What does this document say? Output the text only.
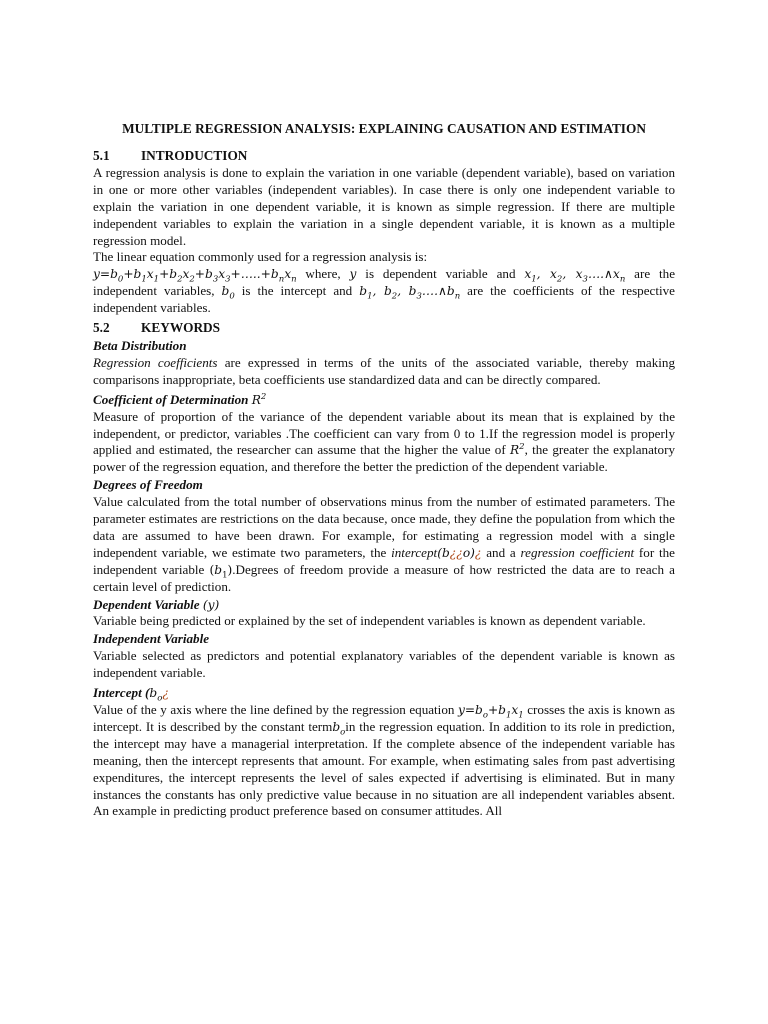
MULTIPLE REGRESSION ANALYSIS: EXPLAINING CAUSATION AND ESTIMATION
5.1 INTRODUCTION

A regression analysis is done to explain the variation in one variable (dependent variable), based on variation in one or more other variables (independent variables). In case there is only one independent variable to explain the variation in one dependent variable, it is known as simple regression. If there are multiple independent variables to explain the variation in a single dependent variable, it is known as a multiple regression model.

The linear equation commonly used for a regression analysis is:

$y=b_0+b_1x_1+b_2x_2+b_3x_3+\dots..+b_nx_n$ where, y is dependent variable and $x_1$, $x_2$, $x_3\dots.\wedge x_n$ are the independent variables, $b_0$ is the intercept and $b_1$, $b_2$, $b_3\dots.\wedge b_n$ are the coefficients of the respective independent variables.

5.2 KEYWORDS
Beta Distribution

Regression coefficients are expressed in terms of the units of the associated variable, thereby making comparisons inappropriate, beta coefficients use standardized data and can be directly compared.

Coefficient of Determination $R^2$

Measure of proportion of the variance of the dependent variable about its mean that is explained by the independent, or predictor, variables .The coefficient can vary from 0 to 1.If the regression model is properly applied and estimated, the researcher can assume that the higher the value of $R^2$, the greater the explanatory power of the regression equation, and therefore the better the prediction of the dependent variable.

Degrees of Freedom

Value calculated from the total number of observations minus from the number of estimated parameters. The parameter estimates are restrictions on the data because, once made, they define the population from which the data are assumed to have been drawn. For example, for estimating a regression model with a single independent variable, we estimate two parameters, the intercept(b¿¿o)¿ and a regression coefficient for the independent variable $(b_1).Degrees$ of freedom provide a measure of how restricted the data are to reach a certain level of prediction.

Dependent Variable (y)

Variable being predicted or explained by the set of independent variables is known as dependent variable.

Independent Variable

Variable selected as predictors and potential explanatory variables of the dependent variable is known as independent variable.

Intercept ($b_o¿$

Value of the y axis where the line defined by the regression equation $y=b_o+b_1x_1$ crosses the axis is known as intercept. It is described by the constant termb$_o$in the regression equation. In addition to its role in prediction, the intercept may have a managerial interpretation. If the complete absence of the independent variable has meaning, then the intercept represents that amount. For example, when estimating sales from past advertising expenditures, the intercept represents the level of sales expected if advertising is eliminated. But in many instances the constants has only predictive value because in no situation are all independent variables absent. An example in predicting product preference based on consumer attitudes. All
